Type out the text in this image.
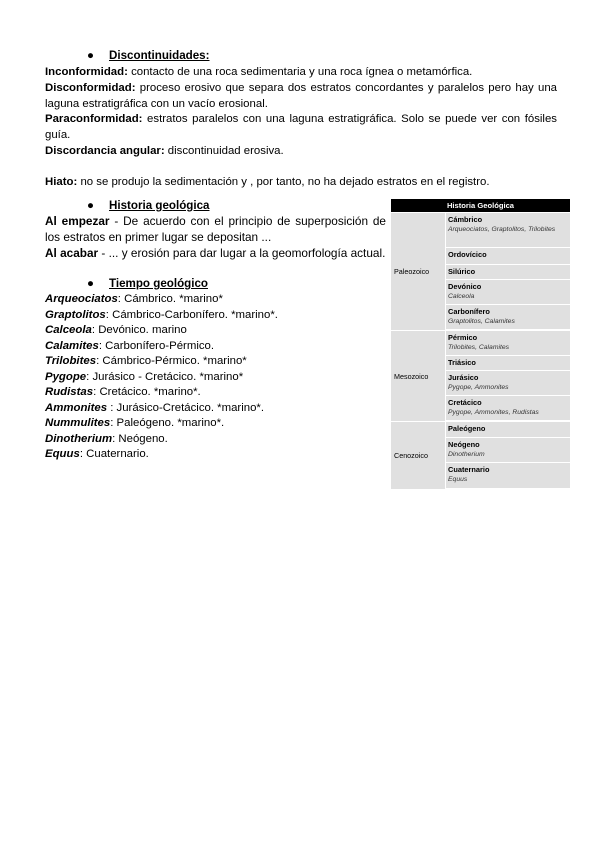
● Discontinuidades:

Inconformidad: contacto de una roca sedimentaria y una roca ígnea o metamórfica.

Disconformidad: proceso erosivo que separa dos estratos concordantes y paralelos pero hay una laguna estratigráfica con un vacío erosional.

Paraconformidad: estratos paralelos con una laguna estratigráfica. Solo se puede ver con fósiles guía.

Discordancia angular: discontinuidad erosiva.

Hiato: no se produjo la sedimentación y , por tanto, no ha dejado estratos en el registro.

● Historia geológica

Al empezar - De acuerdo con el principio de superposición de los estratos en primer lugar se depositan ...

Al acabar - ... y erosión para dar lugar a la geomorfología actual.

● Tiempo geológico
Arqueociatos: Cámbrico. *marino*
Graptolitos: Cámbrico-Carbonífero. *marino*.
Calceola: Devónico. marino
Calamites: Carbonífero-Pérmico.
Trilobites: Cámbrico-Pérmico. *marino*
Pygope: Jurásico - Cretácico. *marino*
Rudistas: Cretácico. *marino*.
Ammonites : Jurásico-Cretácico. *marino*.
Nummulites: Paleógeno. *marino*.
Dinotherium: Neógeno.
Equus: Cuaternario.
Historia Geológica
Paleozoico
Cámbrico
Arqueociatos, Graptolitos, Trilobites
Ordovícico
Silúrico
Devónico
Calceola
Carbonífero
Graptolitos, Calamites
Mesozoico
Pérmico
Trilobites, Calamites
Triásico
Jurásico
Pygope, Ammonites
Cretácico
Pygope, Ammonites, Rudistas
Cenozoico
Paleógeno
Neógeno
Dinotherium
Cuaternario
Equus
